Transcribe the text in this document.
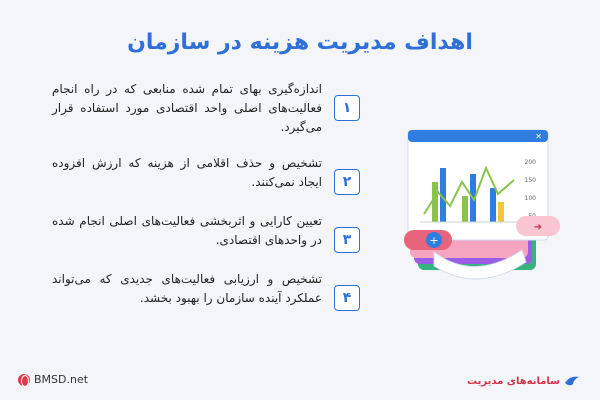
اهداف مدیریت هزینه در سازمان
۱
اندازه‌گیری بهای تمام شده منابعی که در راه انجام فعالیت‌های اصلی واحد اقتصادی مورد استفاده قرار می‌گیرد.
۲
تشخیص و حذف اقلامی از هزینه که ارزش افزوده ایجاد نمی‌کنند.
۳
تعیین کارایی و اثربخشی فعالیت‌های اصلی انجام شده در واحدهای اقتصادی.
۴
تشخیص و ارزیابی فعالیت‌های جدیدی که می‌تواند عملکرد آینده سازمان را بهبود بخشد.
✕
200
150
100
+
➜
BMSD.net	سامانه‌های مدیریت
